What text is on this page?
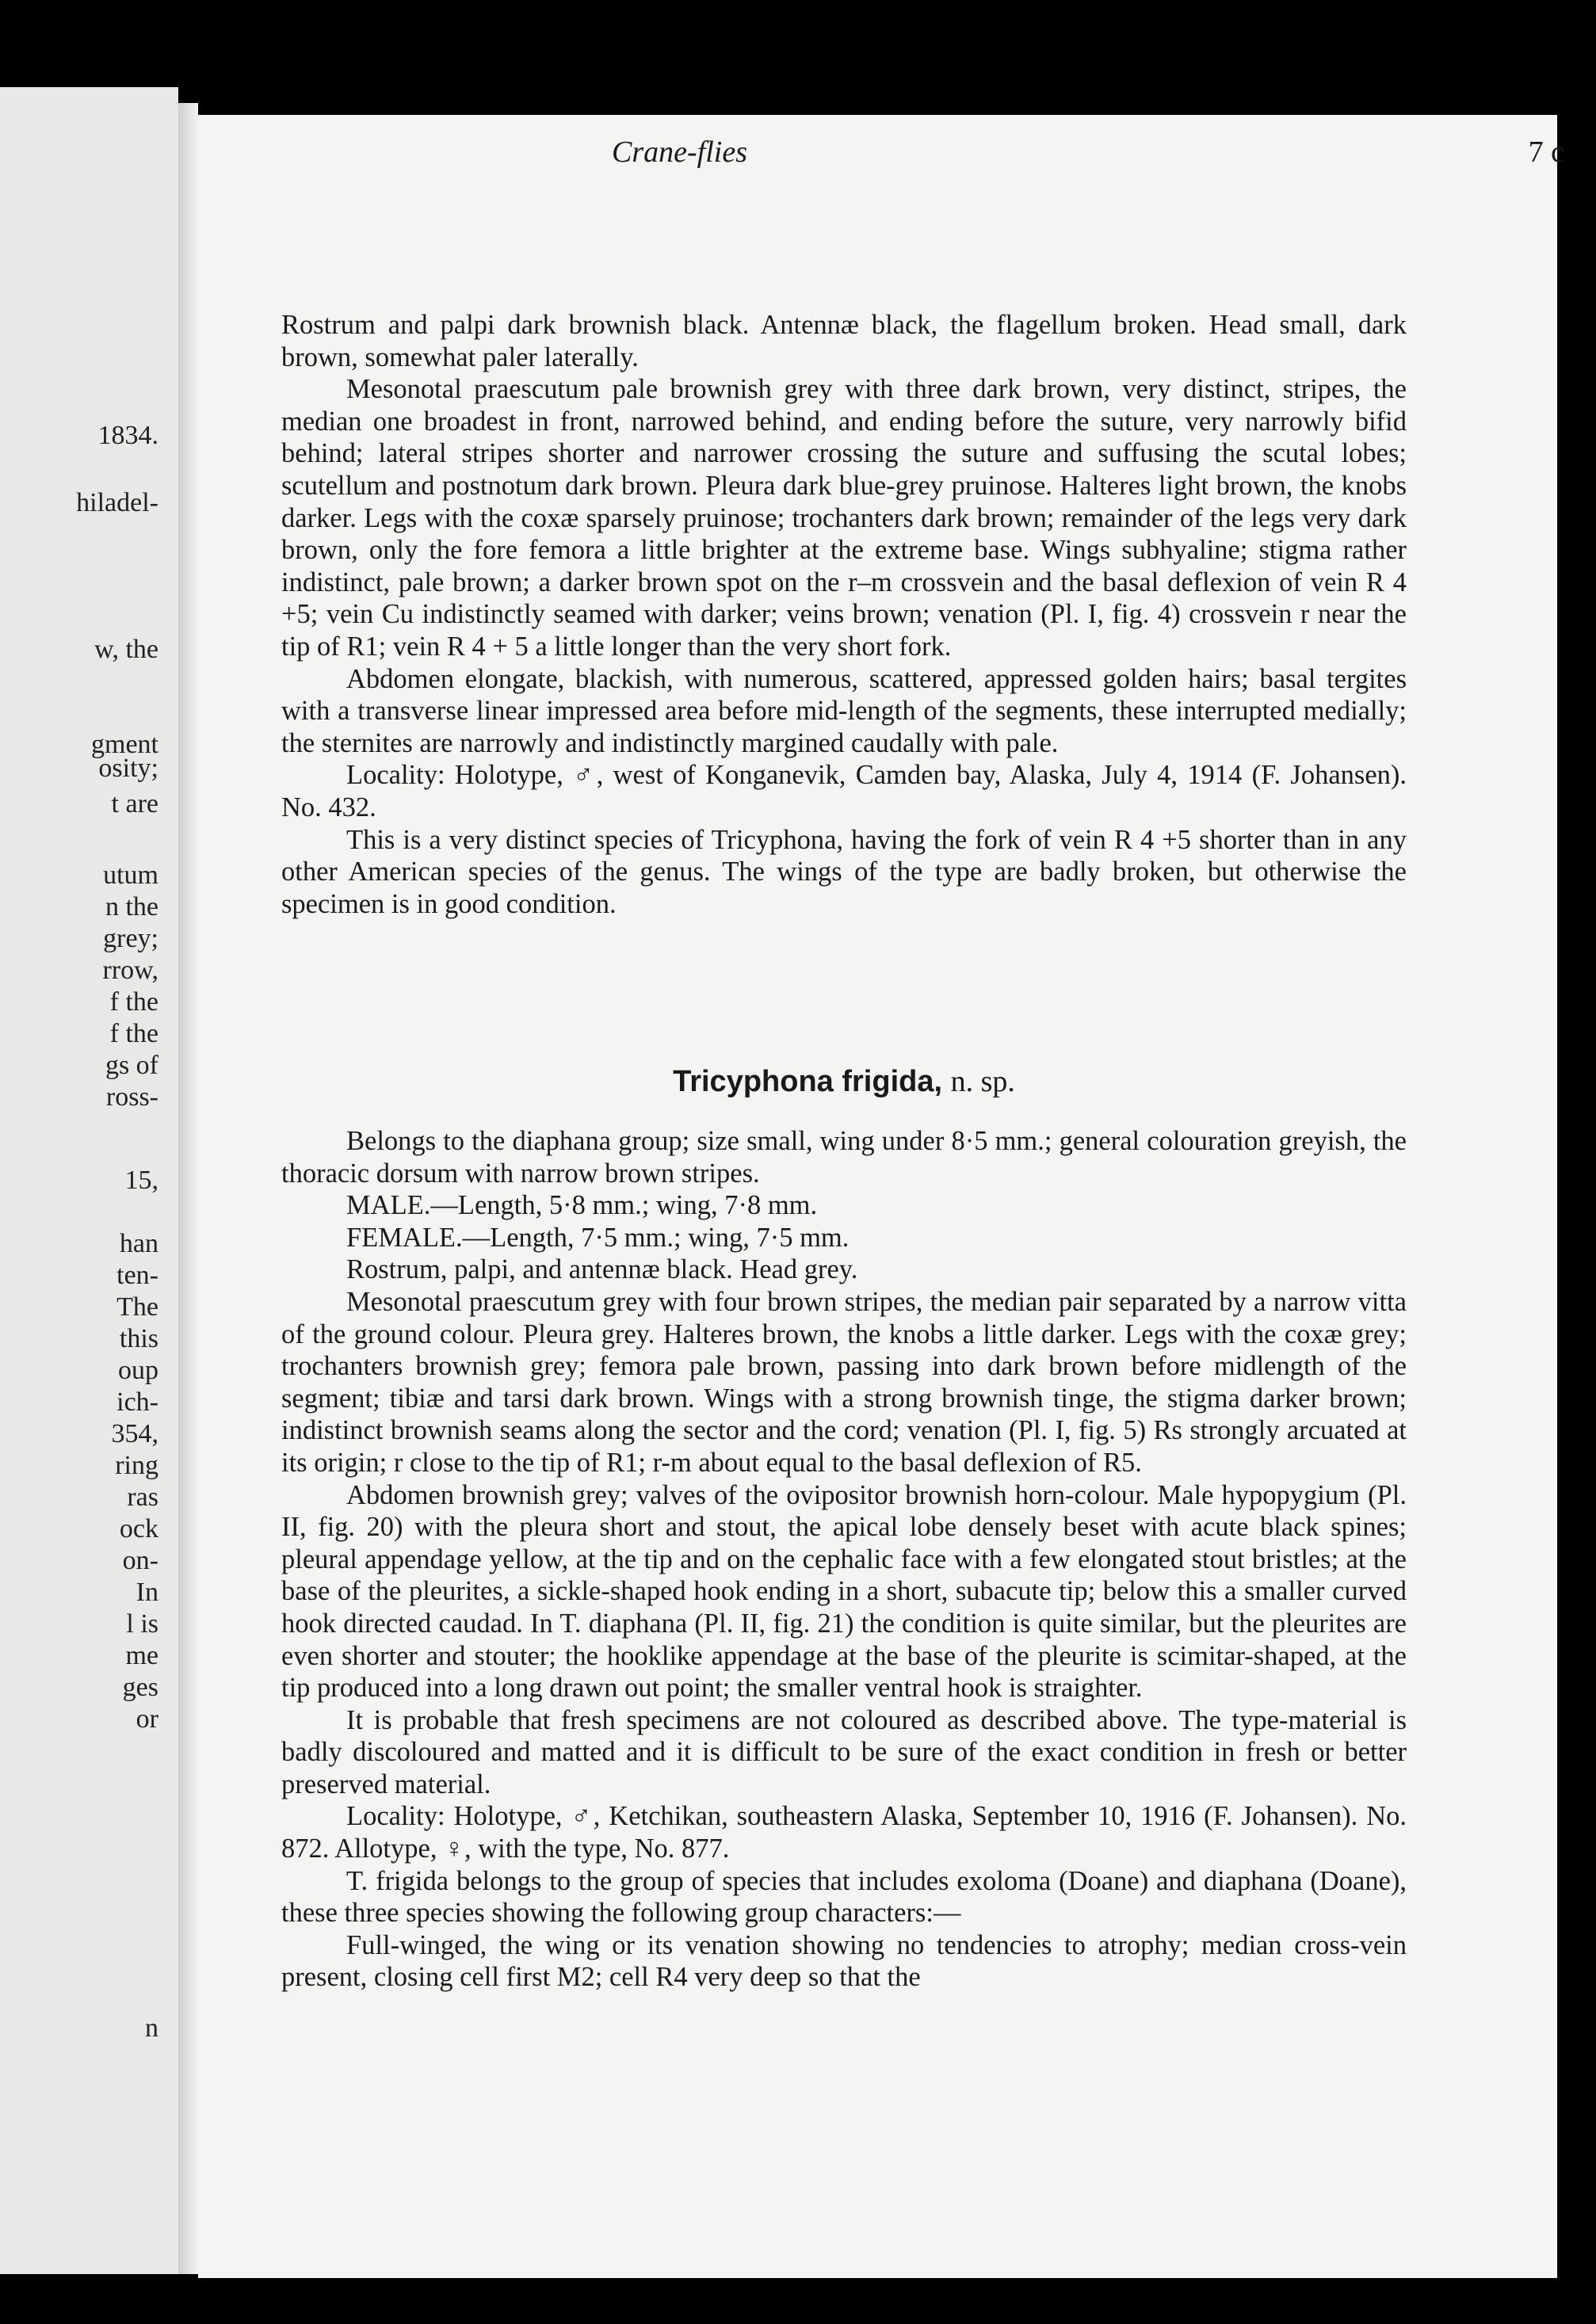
1834.
hiladel-
w, the
gment
osity;
t are
utum
n the
grey;
rrow,
f the
f the
gs of
ross-
15,
han
ten-
The
this
oup
ich-
354,
ring
ras
ock
on-
In
l is
me
ges
or
n
Crane-flies	7 c

Rostrum and palpi dark brownish black. Antennæ black, the flagellum broken. Head small, dark brown, somewhat paler laterally.

Mesonotal praescutum pale brownish grey with three dark brown, very distinct, stripes, the median one broadest in front, narrowed behind, and ending before the suture, very narrowly bifid behind; lateral stripes shorter and narrower crossing the suture and suffusing the scutal lobes; scutellum and postnotum dark brown. Pleura dark blue-grey pruinose. Halteres light brown, the knobs darker. Legs with the coxæ sparsely pruinose; trochanters dark brown; remainder of the legs very dark brown, only the fore femora a little brighter at the extreme base. Wings subhyaline; stigma rather indistinct, pale brown; a darker brown spot on the r–m crossvein and the basal deflexion of vein R 4 +5; vein Cu indistinctly seamed with darker; veins brown; venation (Pl. I, fig. 4) crossvein r near the tip of R1; vein R 4 + 5 a little longer than the very short fork.

Abdomen elongate, blackish, with numerous, scattered, appressed golden hairs; basal tergites with a transverse linear impressed area before mid-length of the segments, these interrupted medially; the sternites are narrowly and indistinctly margined caudally with pale.

Locality: Holotype, ♂, west of Konganevik, Camden bay, Alaska, July 4, 1914 (F. Johansen). No. 432.

This is a very distinct species of Tricyphona, having the fork of vein R 4 +5 shorter than in any other American species of the genus. The wings of the type are badly broken, but otherwise the specimen is in good condition.

Tricyphona frigida, n. sp.

Belongs to the diaphana group; size small, wing under 8·5 mm.; general colouration greyish, the thoracic dorsum with narrow brown stripes.

MALE.—Length, 5·8 mm.; wing, 7·8 mm.

FEMALE.—Length, 7·5 mm.; wing, 7·5 mm.

Rostrum, palpi, and antennæ black. Head grey.

Mesonotal praescutum grey with four brown stripes, the median pair separated by a narrow vitta of the ground colour. Pleura grey. Halteres brown, the knobs a little darker. Legs with the coxæ grey; trochanters brownish grey; femora pale brown, passing into dark brown before midlength of the segment; tibiæ and tarsi dark brown. Wings with a strong brownish tinge, the stigma darker brown; indistinct brownish seams along the sector and the cord; venation (Pl. I, fig. 5) Rs strongly arcuated at its origin; r close to the tip of R1; r-m about equal to the basal deflexion of R5.

Abdomen brownish grey; valves of the ovipositor brownish horn-colour. Male hypopygium (Pl. II, fig. 20) with the pleura short and stout, the apical lobe densely beset with acute black spines; pleural appendage yellow, at the tip and on the cephalic face with a few elongated stout bristles; at the base of the pleurites, a sickle-shaped hook ending in a short, subacute tip; below this a smaller curved hook directed caudad. In T. diaphana (Pl. II, fig. 21) the condition is quite similar, but the pleurites are even shorter and stouter; the hooklike appendage at the base of the pleurite is scimitar-shaped, at the tip produced into a long drawn out point; the smaller ventral hook is straighter.

It is probable that fresh specimens are not coloured as described above. The type-material is badly discoloured and matted and it is difficult to be sure of the exact condition in fresh or better preserved material.

Locality: Holotype, ♂, Ketchikan, southeastern Alaska, September 10, 1916 (F. Johansen). No. 872. Allotype, ♀, with the type, No. 877.

T. frigida belongs to the group of species that includes exoloma (Doane) and diaphana (Doane), these three species showing the following group characters:—

Full-winged, the wing or its venation showing no tendencies to atrophy; median cross-vein present, closing cell first M2; cell R4 very deep so that the
